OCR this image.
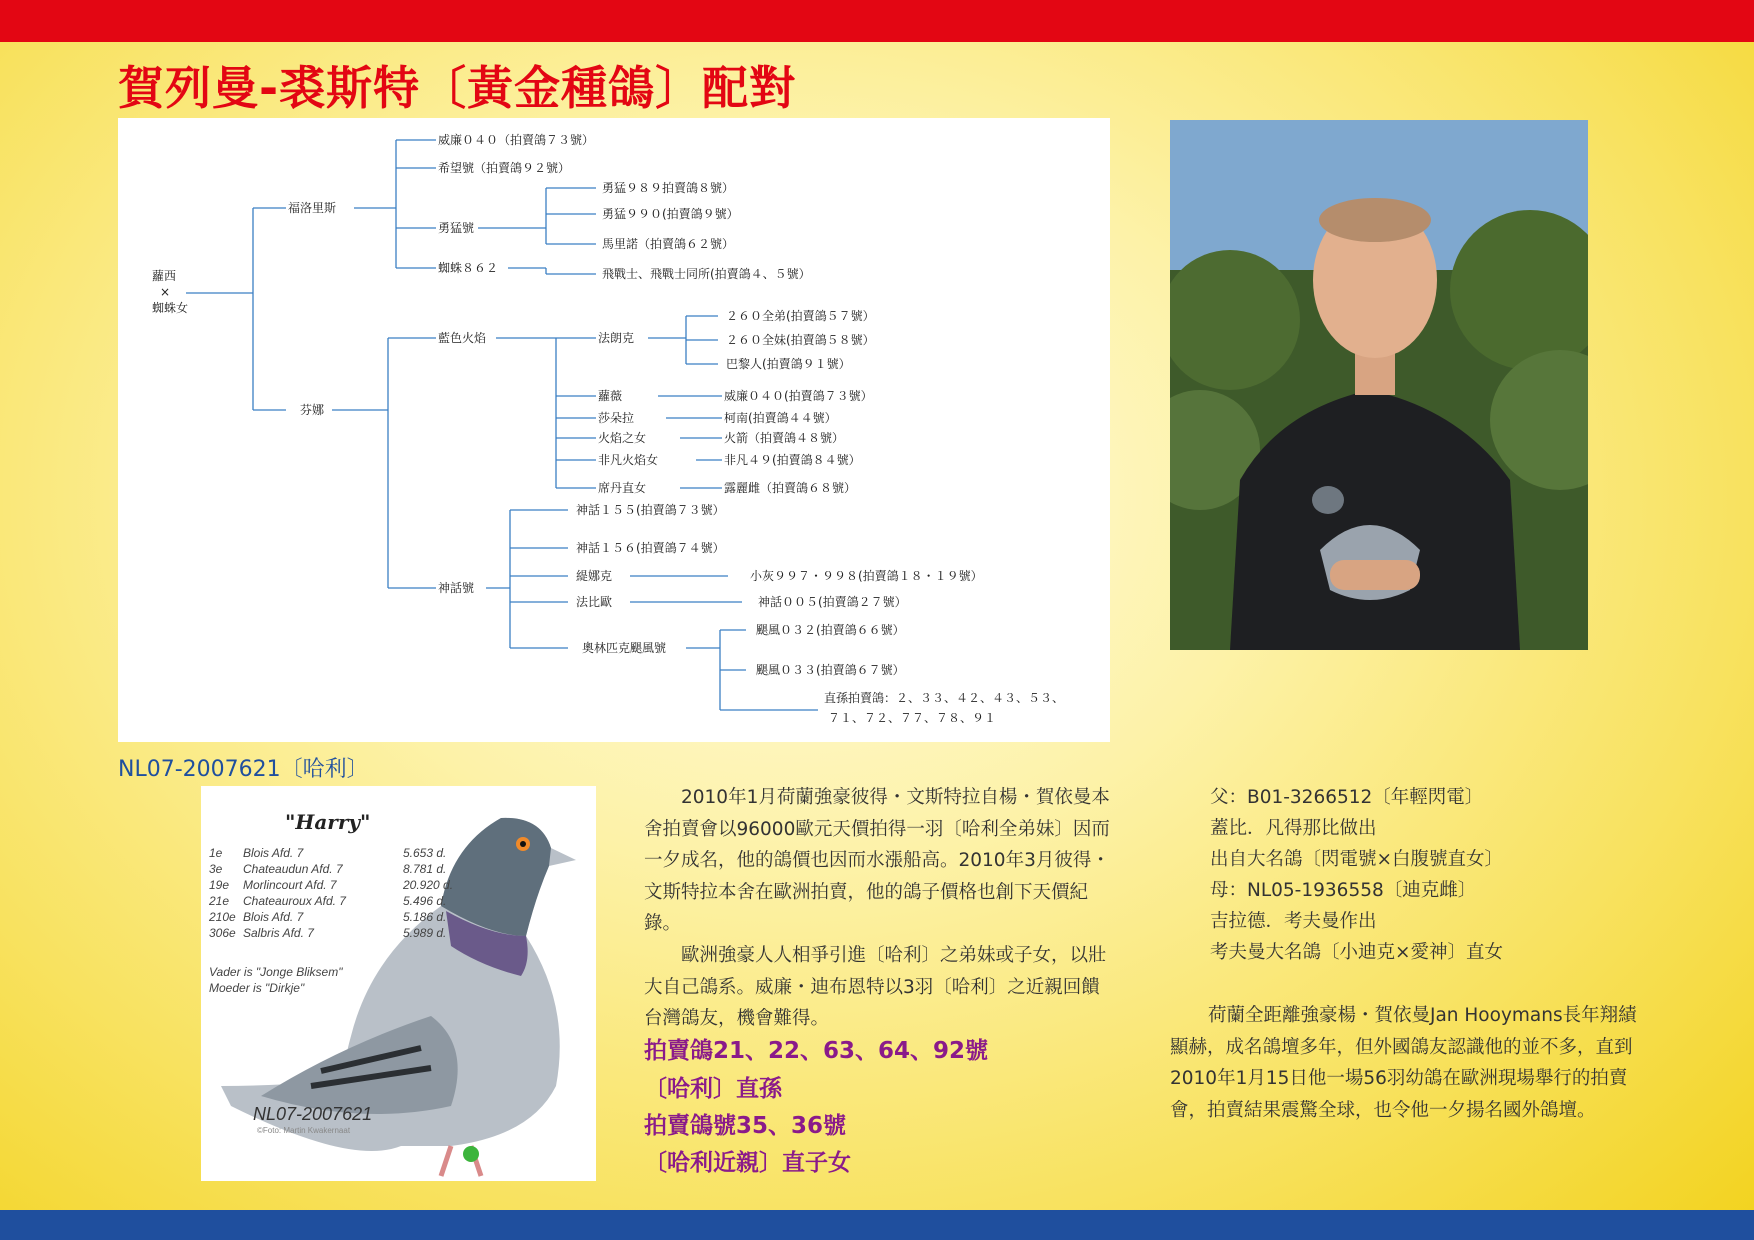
賀列曼-裘斯特〔黃金種鴿〕配對
蘿西
×
蜘蛛女
福洛里斯
芬娜
威廉０４０（拍賣鴿７３號）
希望號（拍賣鴿９２號）
勇猛號
蜘蛛８６２
勇猛９８９拍賣鴿８號）
勇猛９９０(拍賣鴿９號）
馬里諾（拍賣鴿６２號）
飛戰士、飛戰士同所(拍賣鴿４、５號）
藍色火焰	法朗克
２６０全弟(拍賣鴿５７號）
２６０全妹(拍賣鴿５８號）
巴黎人(拍賣鴿９１號）
蘿薇	威廉０４０(拍賣鴿７３號）
莎朵拉	柯南(拍賣鴿４４號）
火焰之女	火箭（拍賣鴿４８號）
非凡火焰女	非凡４９(拍賣鴿８４號）
席丹直女	露麗雌（拍賣鴿６８號）
神話號
神話１５５(拍賣鴿７３號）
神話１５６(拍賣鴿７４號）
緹娜克	小灰９９７・９９８(拍賣鴿１８・１９號）
法比歐	神話００５(拍賣鴿２７號）
奧林匹克颶風號
颶風０３２(拍賣鴿６６號）
颶風０３３(拍賣鴿６７號）
直孫拍賣鴿：２、３３、４２、４３、５３、
７１、７２、７７、７８、９１
NL07-2007621〔哈利〕
"Harry"
1e Blois Afd. 7	5.653 d.
3e Chateaudun Afd. 7	8.781 d.
19e Morlincourt Afd. 7	20.920 d.
21e Chateauroux Afd. 7	5.496 d.
210e Blois Afd. 7	5.186 d.
306e Salbris Afd. 7	5.989 d.
Vader is "Jonge Bliksem"
Moeder is "Dirkje"
NL07-2007621
©Foto: Martin Kwakernaat
2010年1月荷蘭強豪彼得・文斯特拉自楊・賀依曼本舍拍賣會以96000歐元天價拍得一羽〔哈利全弟妹〕因而一夕成名，他的鴿價也因而水漲船高。2010年3月彼得・文斯特拉本舍在歐洲拍賣，他的鴿子價格也創下天價紀錄。
歐洲強豪人人相爭引進〔哈利〕之弟妹或子女，以壯大自己鴿系。威廉・迪布恩特以3羽〔哈利〕之近親回饋台灣鴿友，機會難得。
拍賣鴿21、22、63、64、92號
〔哈利〕直孫
拍賣鴿號35、36號
〔哈利近親〕直子女
父：B01-3266512〔年輕閃電〕
蓋比．凡得那比做出
出自大名鴿〔閃電號×白腹號直女〕
母：NL05-1936558〔迪克雌〕
吉拉德．考夫曼作出
考夫曼大名鴿〔小迪克×愛神〕直女
荷蘭全距離強豪楊・賀依曼Jan Hooymans長年翔績顯赫，成名鴿壇多年，但外國鴿友認識他的並不多，直到2010年1月15日他一場56羽幼鴿在歐洲現場舉行的拍賣會，拍賣結果震驚全球，也令他一夕揚名國外鴿壇。
